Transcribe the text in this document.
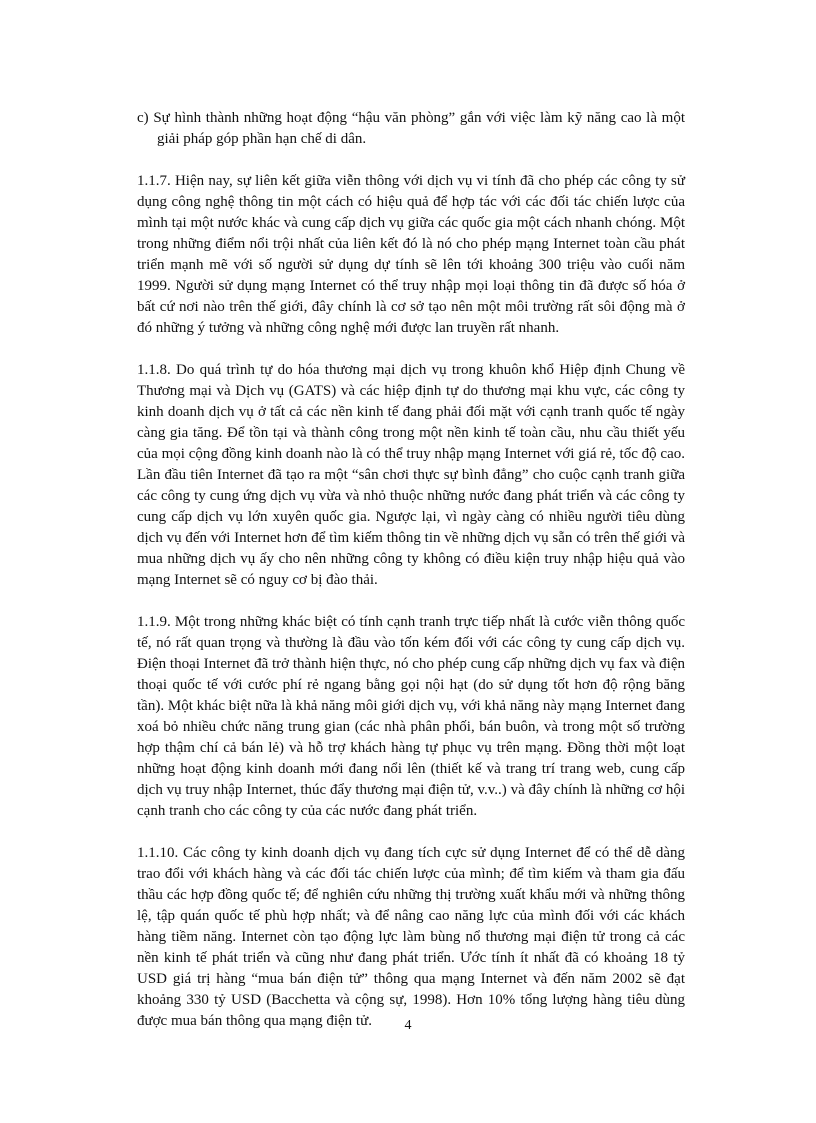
c) Sự hình thành những hoạt động “hậu văn phòng” gắn với việc làm kỹ năng cao là một giải pháp góp phần hạn chế di dân.

1.1.7. Hiện nay, sự liên kết giữa viễn thông với dịch vụ vi tính đã cho phép các công ty sử dụng công nghệ thông tin một cách có hiệu quả để hợp tác với các đối tác chiến lược của mình tại một nước khác và cung cấp dịch vụ giữa các quốc gia một cách nhanh chóng. Một trong những điểm nổi trội nhất của liên kết đó là nó cho phép mạng Internet toàn cầu phát triển mạnh mẽ với số người sử dụng dự tính sẽ lên tới khoảng 300 triệu vào cuối năm 1999. Người sử dụng mạng Internet có thể truy nhập mọi loại thông tin đã được số hóa ở bất cứ nơi nào trên thế giới, đây chính là cơ sở tạo nên một môi trường rất sôi động mà ở đó những ý tưởng và những công nghệ mới được lan truyền rất nhanh.

1.1.8. Do quá trình tự do hóa thương mại dịch vụ trong khuôn khổ Hiệp định Chung về Thương mại và Dịch vụ (GATS) và các hiệp định tự do thương mại khu vực, các công ty kinh doanh dịch vụ ở tất cả các nền kinh tế đang phải đối mặt với cạnh tranh quốc tế ngày càng gia tăng. Để tồn tại và thành công trong một nền kinh tế toàn cầu, nhu cầu thiết yếu của mọi cộng đồng kinh doanh nào là có thể truy nhập mạng Internet với giá rẻ, tốc độ cao. Lần đầu tiên Internet đã tạo ra một “sân chơi thực sự bình đẳng” cho cuộc cạnh tranh giữa các công ty cung ứng dịch vụ vừa và nhỏ thuộc những nước đang phát triển và các công ty cung cấp dịch vụ lớn xuyên quốc gia. Ngược lại, vì ngày càng có nhiều người tiêu dùng dịch vụ đến với Internet hơn để tìm kiếm thông tin về những dịch vụ sẵn có trên thế giới và mua những dịch vụ ấy cho nên những công ty không có điều kiện truy nhập hiệu quả vào mạng Internet sẽ có nguy cơ bị đào thải.

1.1.9. Một trong những khác biệt có tính cạnh tranh trực tiếp nhất là cước viễn thông quốc tế, nó rất quan trọng và thường là đầu vào tốn kém đối với các công ty cung cấp dịch vụ. Điện thoại Internet đã trở thành hiện thực, nó cho phép cung cấp những dịch vụ fax và điện thoại quốc tế với cước phí rẻ ngang bằng gọi nội hạt (do sử dụng tốt hơn độ rộng băng tần). Một khác biệt nữa là khả năng môi giới dịch vụ, với khả năng này mạng Internet đang xoá bỏ nhiều chức năng trung gian (các nhà phân phối, bán buôn, và trong một số trường hợp thậm chí cả bán lẻ) và hỗ trợ khách hàng tự phục vụ trên mạng. Đồng thời một loạt những hoạt động kinh doanh mới đang nổi lên (thiết kế và trang trí trang web, cung cấp dịch vụ truy nhập Internet, thúc đẩy thương mại điện tử, v.v..) và đây chính là những cơ hội cạnh tranh cho các công ty của các nước đang phát triển.

1.1.10. Các công ty kinh doanh dịch vụ đang tích cực sử dụng Internet để có thể dễ dàng trao đổi với khách hàng và các đối tác chiến lược của mình; để tìm kiếm và tham gia đấu thầu các hợp đồng quốc tế; để nghiên cứu những thị trường xuất khẩu mới và những thông lệ, tập quán quốc tế phù hợp nhất; và để nâng cao năng lực của mình đối với các khách hàng tiềm năng. Internet còn tạo động lực làm bùng nổ thương mại điện tử trong cả các nền kinh tế phát triển và cũng như đang phát triển. Ước tính ít nhất đã có khoảng 18 tỷ USD giá trị hàng “mua bán điện tử” thông qua mạng Internet và đến năm 2002 sẽ đạt khoảng 330 tỷ USD (Bacchetta và cộng sự, 1998). Hơn 10% tổng lượng hàng tiêu dùng được mua bán thông qua mạng điện tử.	4
